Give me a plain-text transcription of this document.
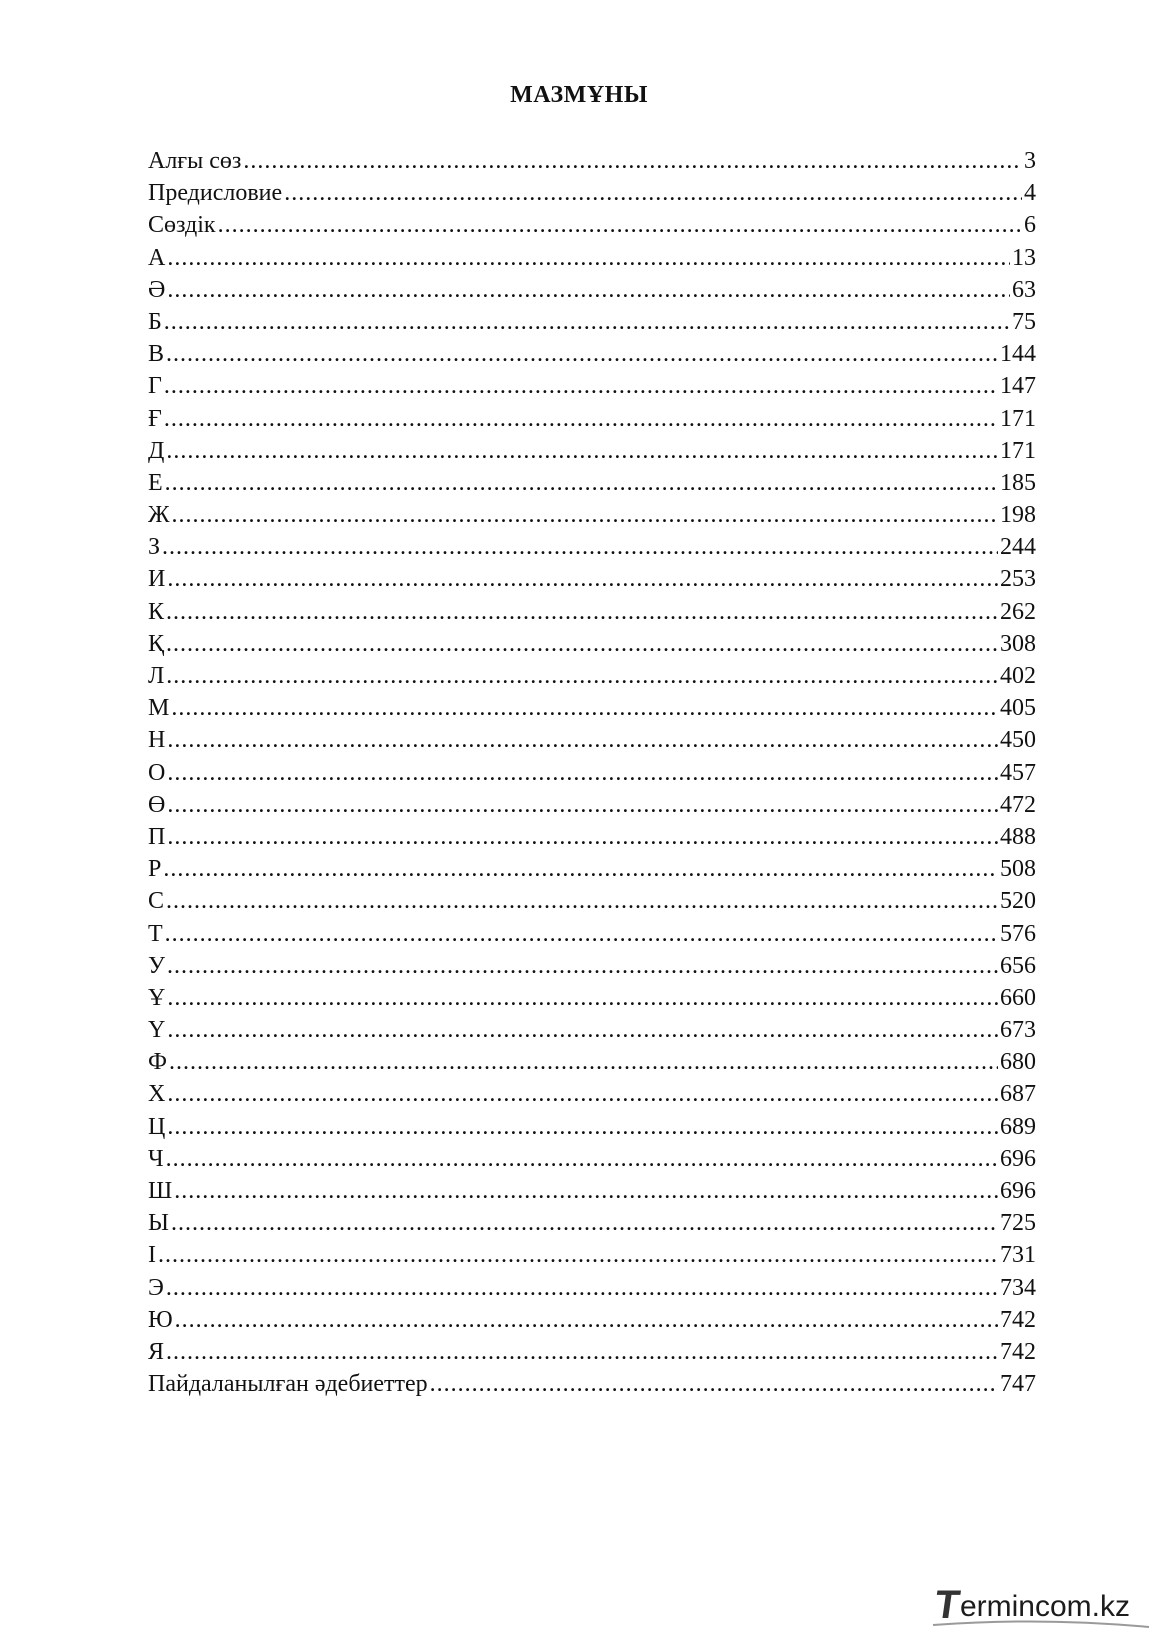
МАЗМҰНЫ
Алғы сөз .....	3
Предисловие .....	4
Сөздік .....	6
А .....	13
Ә .....	63
Б .....	75
В .....	144
Г .....	147
Ғ .....	171
Д .....	171
Е .....	185
Ж .....	198
З .....	244
И .....	253
К .....	262
Қ .....	308
Л .....	402
М .....	405
Н .....	450
О .....	457
Ө .....	472
П .....	488
Р .....	508
С .....	520
Т .....	576
У .....	656
Ұ .....	660
Ү .....	673
Ф .....	680
Х .....	687
Ц .....	689
Ч .....	696
Ш .....	696
Ы .....	725
І .....	731
Э .....	734
Ю .....	742
Я .....	742
Пайдаланылған әдебиеттер .....	747
T
ermincom.kz
